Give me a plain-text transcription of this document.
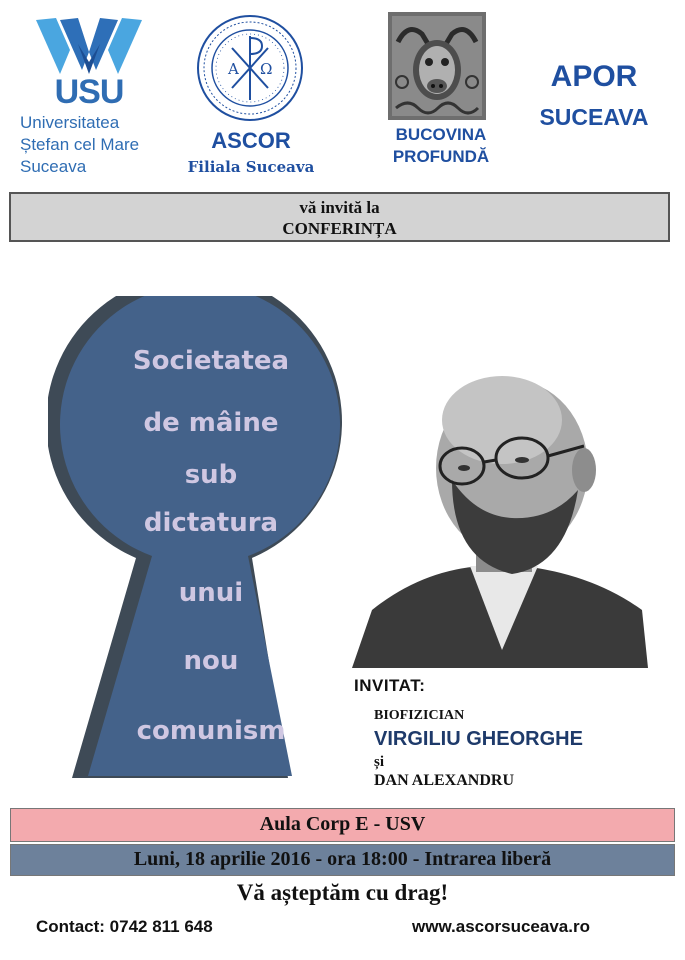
USU
Universitatea
Ștefan cel Mare
Suceava
Α Ω
ASCOR
Filiala Suceava
BUCOVINA
PROFUNDĂ
APOR
SUCEAVA
vă invită la
CONFERINȚA
Societatea
de mâine
sub
dictatura
unui
nou
comunism
INVITAT:
BIOFIZICIAN
VIRGILIU GHEORGHE
și
DAN ALEXANDRU
Aula Corp E - USV
Luni, 18 aprilie 2016 - ora 18:00 - Intrarea liberă
Vă așteptăm cu drag!
Contact: 0742 811 648	www.ascorsuceava.ro
